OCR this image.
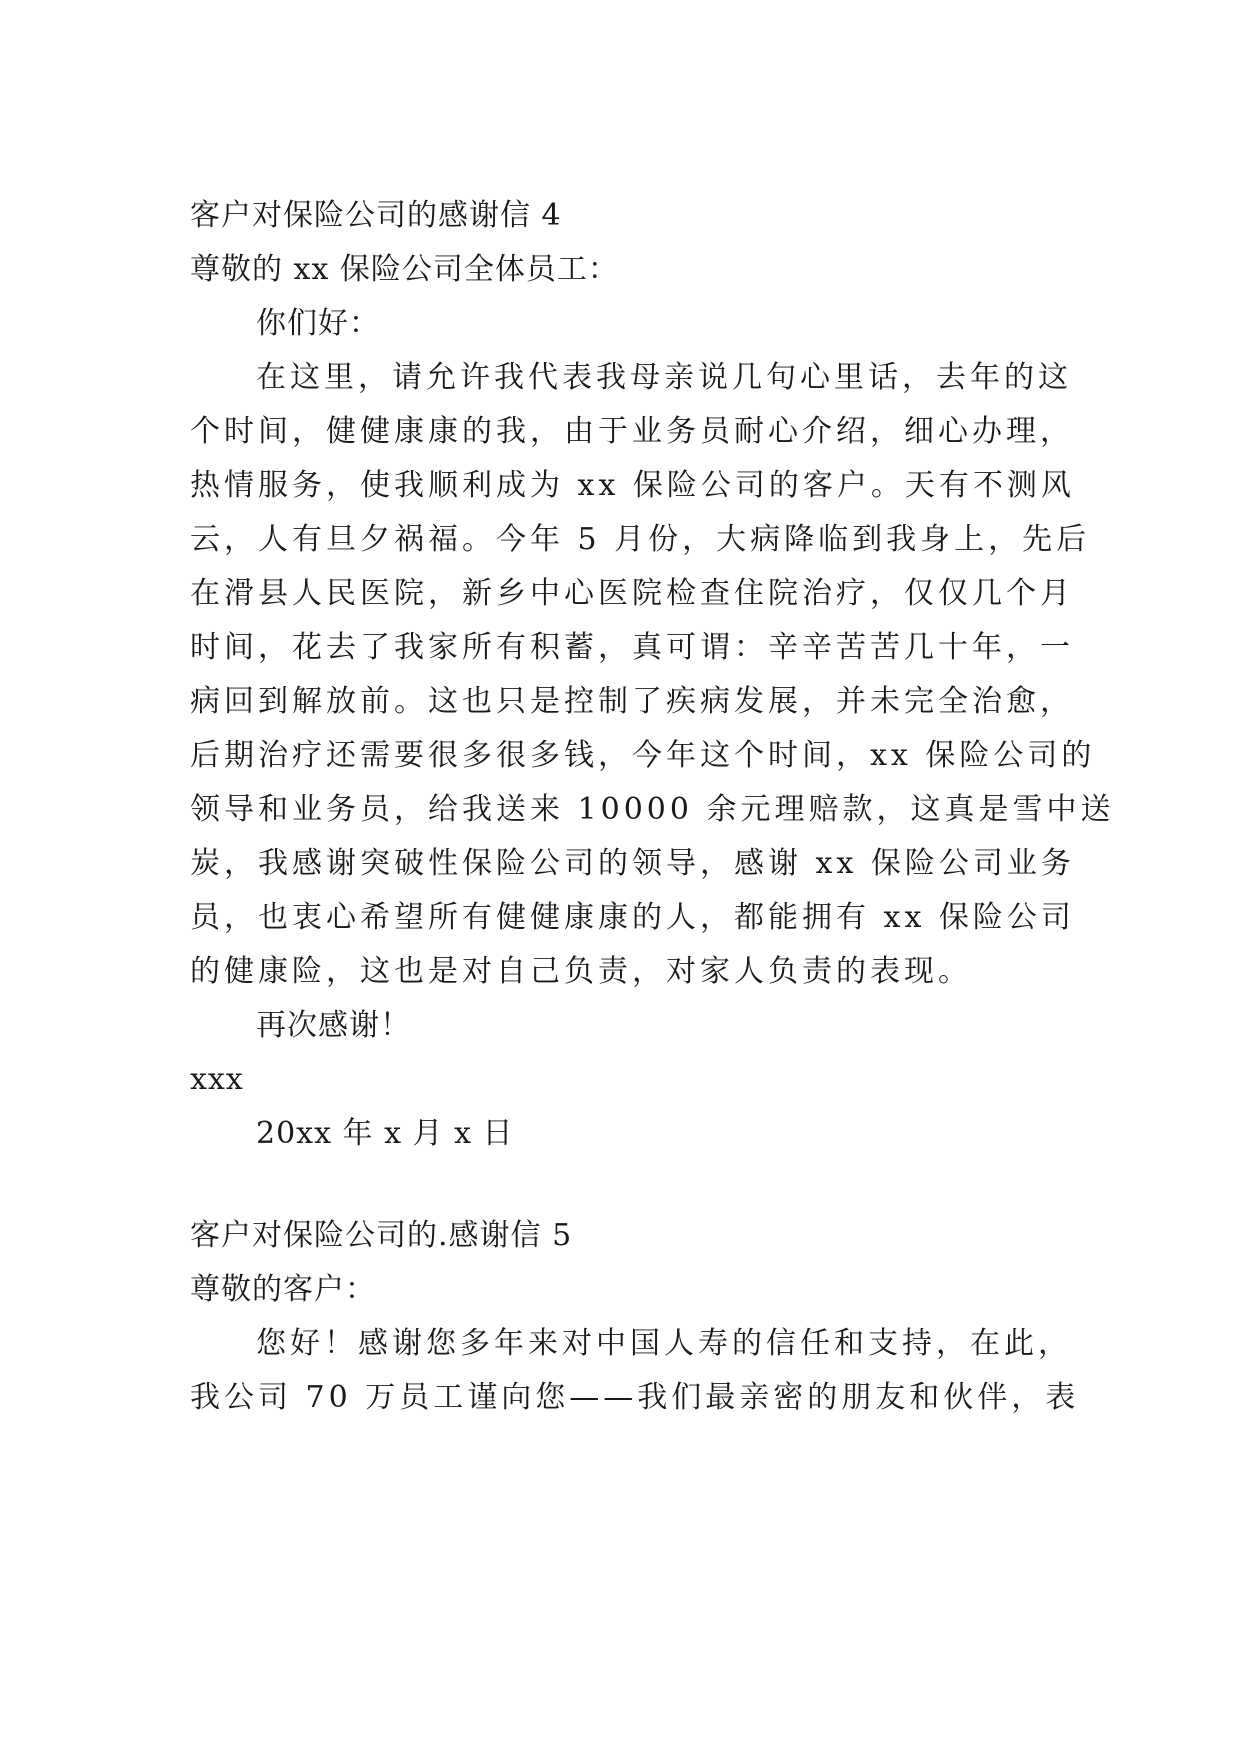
客户对保险公司的感谢信 4
尊敬的 xx 保险公司全体员工：
你们好：
在这里，请允许我代表我母亲说几句心里话，去年的这
个时间，健健康康的我，由于业务员耐心介绍，细心办理，
热情服务，使我顺利成为 xx 保险公司的客户。天有不测风
云，人有旦夕祸福。今年 5 月份，大病降临到我身上，先后
在滑县人民医院，新乡中心医院检查住院治疗，仅仅几个月
时间，花去了我家所有积蓄，真可谓：辛辛苦苦几十年，一
病回到解放前。这也只是控制了疾病发展，并未完全治愈，
后期治疗还需要很多很多钱，今年这个时间，xx 保险公司的
领导和业务员，给我送来 10000 余元理赔款，这真是雪中送
炭，我感谢突破性保险公司的领导，感谢 xx 保险公司业务
员，也衷心希望所有健健康康的人，都能拥有 xx 保险公司
的健康险，这也是对自己负责，对家人负责的表现。
再次感谢！
xxx
20xx 年 x 月 x 日
客户对保险公司的.感谢信 5
尊敬的客户：
您好！感谢您多年来对中国人寿的信任和支持，在此，
我公司 70 万员工谨向您——我们最亲密的朋友和伙伴，表
